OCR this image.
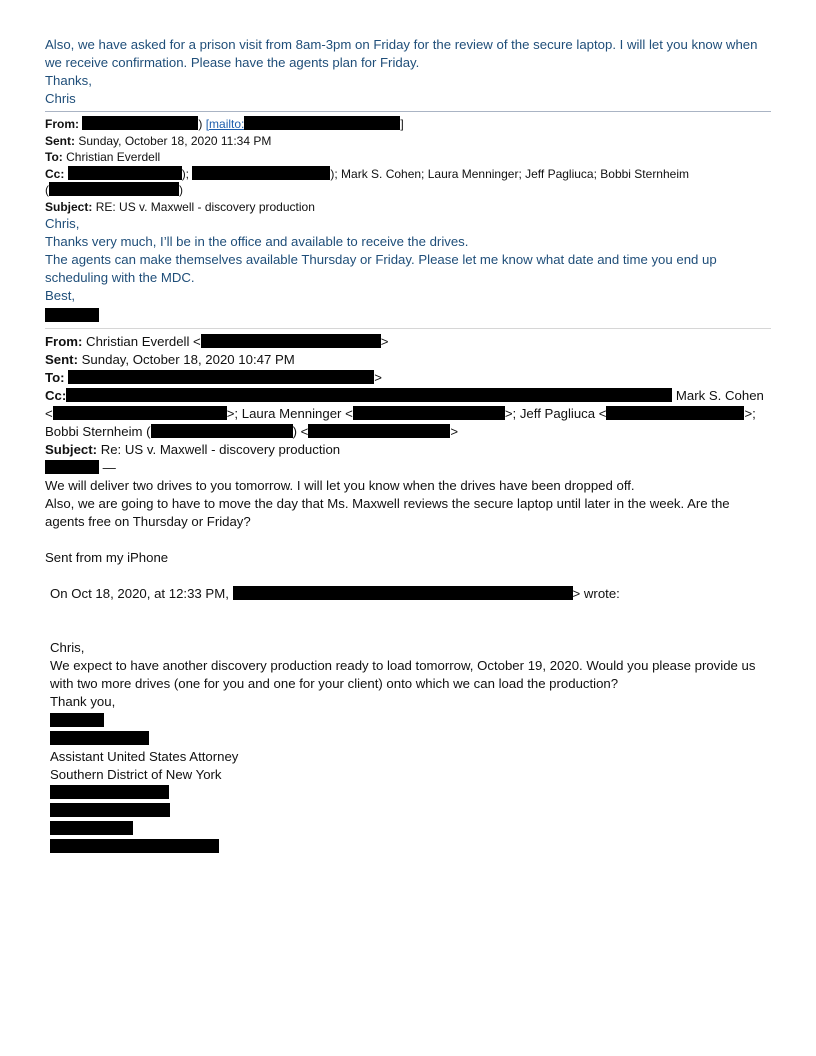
Also, we have asked for a prison visit from 8am-3pm on Friday for the review of the secure laptop. I will let you know when we receive confirmation. Please have the agents plan for Friday.

Thanks,

Chris

From:	) [mailto:	]
Sent: Sunday, October 18, 2020 11:34 PM
To: Christian Everdell
Cc:	);	); Mark S. Cohen; Laura Menninger; Jeff Pagliuca; Bobbi Sternheim
(	)
Subject: RE: US v. Maxwell - discovery production

Chris,

Thanks very much, I’ll be in the office and available to receive the drives.

The agents can make themselves available Thursday or Friday. Please let me know what date and time you end up scheduling with the MDC.

Best,

From: Christian Everdell <	>
Sent: Sunday, October 18, 2020 10:47 PM
To:	>
Cc:	Mark S. Cohen
<	>; Laura Menninger <	>; Jeff Pagliuca <	>;
Bobbi Sternheim (	) <	>
Subject: Re: US v. Maxwell - discovery production

—

We will deliver two drives to you tomorrow. I will let you know when the drives have been dropped off.

Also, we are going to have to move the day that Ms. Maxwell reviews the secure laptop until later in the week. Are the agents free on Thursday or Friday?

Sent from my iPhone

On Oct 18, 2020, at 12:33 PM,	> wrote:

Chris,

We expect to have another discovery production ready to load tomorrow, October 19, 2020. Would you please provide us with two more drives (one for you and one for your client) onto which we can load the production?

Thank you,

Assistant United States Attorney

Southern District of New York
